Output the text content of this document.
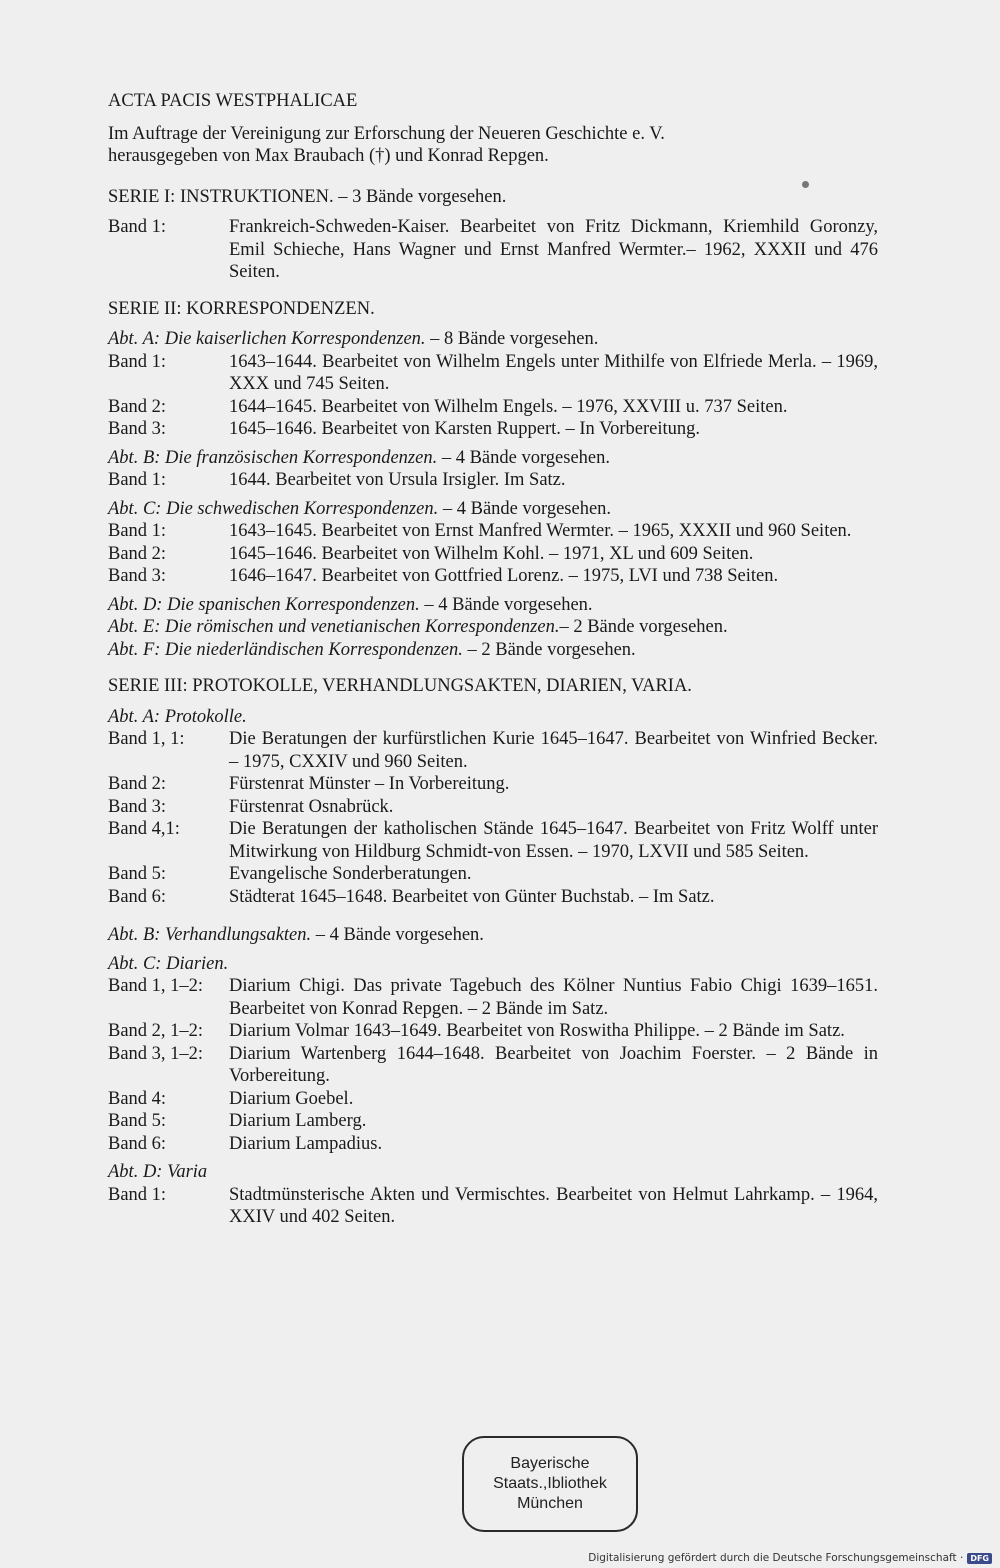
ACTA PACIS WESTPHALICAE
Im Auftrage der Vereinigung zur Erforschung der Neueren Geschichte e. V.
herausgegeben von Max Braubach (†) und Konrad Repgen.
SERIE I: INSTRUKTIONEN. – 3 Bände vorgesehen.
Band 1:	Frankreich-Schweden-Kaiser. Bearbeitet von Fritz Dickmann, Kriemhild Goronzy, Emil Schieche, Hans Wagner und Ernst Manfred Wermter.– 1962, XXXII und 476 Seiten.
SERIE II: KORRESPONDENZEN.
Abt. A: Die kaiserlichen Korrespondenzen. – 8 Bände vorgesehen.
Band 1:	1643–1644. Bearbeitet von Wilhelm Engels unter Mithilfe von Elfriede Merla. – 1969, XXX und 745 Seiten.
Band 2:	1644–1645. Bearbeitet von Wilhelm Engels. – 1976, XXVIII u. 737 Seiten.
Band 3:	1645–1646. Bearbeitet von Karsten Ruppert. – In Vorbereitung.
Abt. B: Die französischen Korrespondenzen. – 4 Bände vorgesehen.
Band 1:	1644. Bearbeitet von Ursula Irsigler. Im Satz.
Abt. C: Die schwedischen Korrespondenzen. – 4 Bände vorgesehen.
Band 1:	1643–1645. Bearbeitet von Ernst Manfred Wermter. – 1965, XXXII und 960 Seiten.
Band 2:	1645–1646. Bearbeitet von Wilhelm Kohl. – 1971, XL und 609 Seiten.
Band 3:	1646–1647. Bearbeitet von Gottfried Lorenz. – 1975, LVI und 738 Seiten.
Abt. D: Die spanischen Korrespondenzen. – 4 Bände vorgesehen.
Abt. E: Die römischen und venetianischen Korrespondenzen.– 2 Bände vorgesehen.
Abt. F: Die niederländischen Korrespondenzen. – 2 Bände vorgesehen.
SERIE III: PROTOKOLLE, VERHANDLUNGSAKTEN, DIARIEN, VARIA.
Abt. A: Protokolle.
Band 1, 1:	Die Beratungen der kurfürstlichen Kurie 1645–1647. Bearbeitet von Winfried Becker. – 1975, CXXIV und 960 Seiten.
Band 2:	Fürstenrat Münster – In Vorbereitung.
Band 3:	Fürstenrat Osnabrück.
Band 4,1:	Die Beratungen der katholischen Stände 1645–1647. Bearbeitet von Fritz Wolff unter Mitwirkung von Hildburg Schmidt-von Essen. – 1970, LXVII und 585 Seiten.
Band 5:	Evangelische Sonderberatungen.
Band 6:	Städterat 1645–1648. Bearbeitet von Günter Buchstab. – Im Satz.
Abt. B: Verhandlungsakten. – 4 Bände vorgesehen.
Abt. C: Diarien.
Band 1, 1–2:	Diarium Chigi. Das private Tagebuch des Kölner Nuntius Fabio Chigi 1639–1651. Bearbeitet von Konrad Repgen. – 2 Bände im Satz.
Band 2, 1–2:	Diarium Volmar 1643–1649. Bearbeitet von Roswitha Philippe. – 2 Bände im Satz.
Band 3, 1–2:	Diarium Wartenberg 1644–1648. Bearbeitet von Joachim Foerster. – 2 Bände in Vorbereitung.
Band 4:	Diarium Goebel.
Band 5:	Diarium Lamberg.
Band 6:	Diarium Lampadius.
Abt. D: Varia
Band 1:	Stadtmünsterische Akten und Vermischtes. Bearbeitet von Helmut Lahrkamp. – 1964, XXIV und 402 Seiten.
Bayerische
Staats.,Ibliothek
München
Digitalisierung gefördert durch die Deutsche Forschungsgemeinschaft · DFG
